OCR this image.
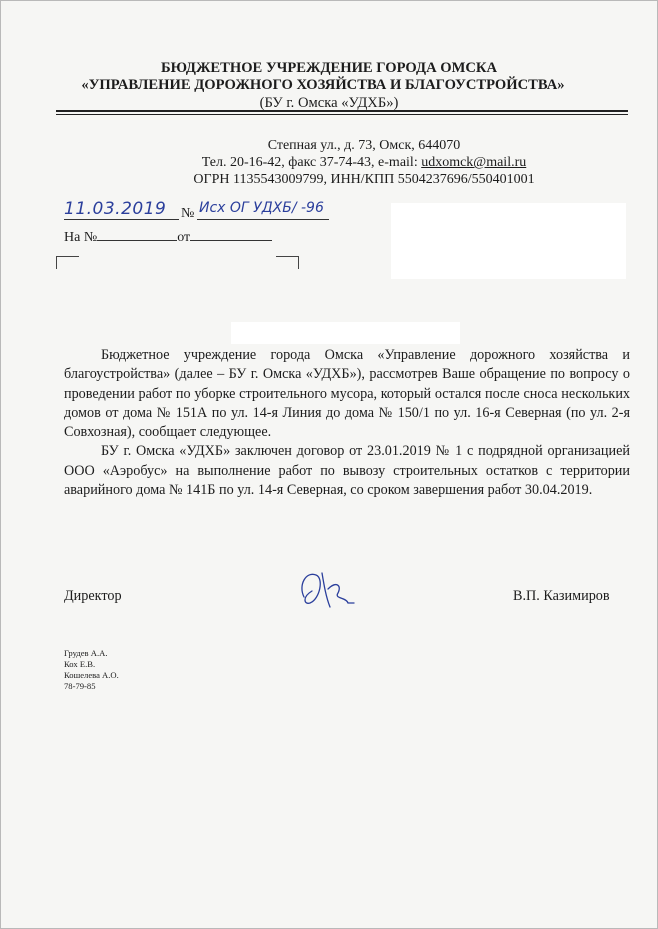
БЮДЖЕТНОЕ УЧРЕЖДЕНИЕ ГОРОДА ОМСКА
«УПРАВЛЕНИЕ ДОРОЖНОГО ХОЗЯЙСТВА И БЛАГОУСТРОЙСТВА»
(БУ г. Омска «УДХБ»)
Степная ул., д. 73, Омск, 644070
Тел. 20-16-42, факс 37-74-43, e-mail: udxomck@mail.ru
ОГРН 1135543009799, ИНН/КПП 5504237696/550401001
11.03.2019 № Исх ОГ УДХБ/ -96
На №	от

Бюджетное учреждение города Омска «Управление дорожного хозяйства и благоустройства» (далее – БУ г. Омска «УДХБ»), рассмотрев Ваше обращение по вопросу о проведении работ по уборке строительного мусора, который остался после сноса нескольких домов от дома № 151А по ул. 14-я Линия до дома № 150/1 по ул. 16-я Северная (по ул. 2-я Совхозная), сообщает следующее.

БУ г. Омска «УДХБ» заключен договор от 23.01.2019 № 1 с подрядной организацией ООО «Аэробус» на выполнение работ по вывозу строительных остатков с территории аварийного дома № 141Б по ул. 14-я Северная, со сроком завершения работ 30.04.2019.

Директор	В.П. Казимиров
Грудев А.А.
Кох Е.В.
Кошелева А.О.
78-79-85
